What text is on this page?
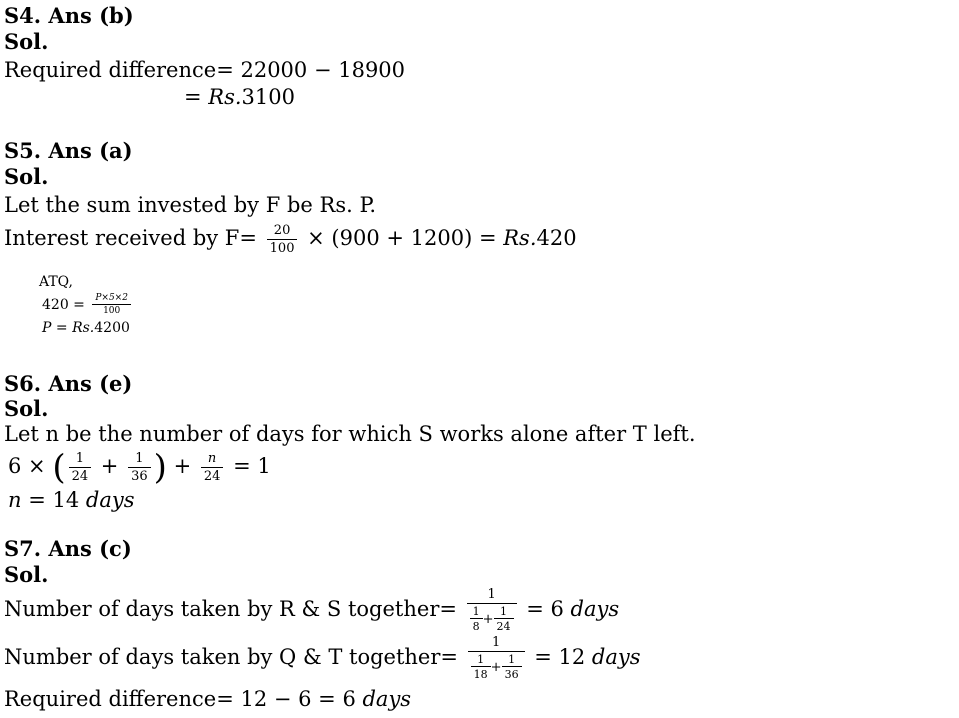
S4. Ans (b)
Sol.
Required difference= 22000 − 18900
= Rs.3100
S5. Ans (a)
Sol.
Let the sum invested by F be Rs. P.
Interest received by $F= \frac{20}{100} \times (900 + 1200) = Rs.420$
ATQ,
$420 = \frac{P\times 5\times 2}{100}$
P = Rs.4200
S6. Ans (e)
Sol.
Let n be the number of days for which S works alone after T left.
6 × ( $\frac{1}{24} + \frac{1}{36}$ ) + $\frac{n}{24} = 1$
n = 14 days
S7. Ans (c)
Sol.
Number of days taken by R & S together= $\frac{1}{\frac{1}{8} + \frac{1}{24}} = 6$ days
Number of days taken by Q & T together= $\frac{1}{\frac{1}{18} + \frac{1}{36}} = 12$ days
Required difference= 12 − 6 = 6 days
